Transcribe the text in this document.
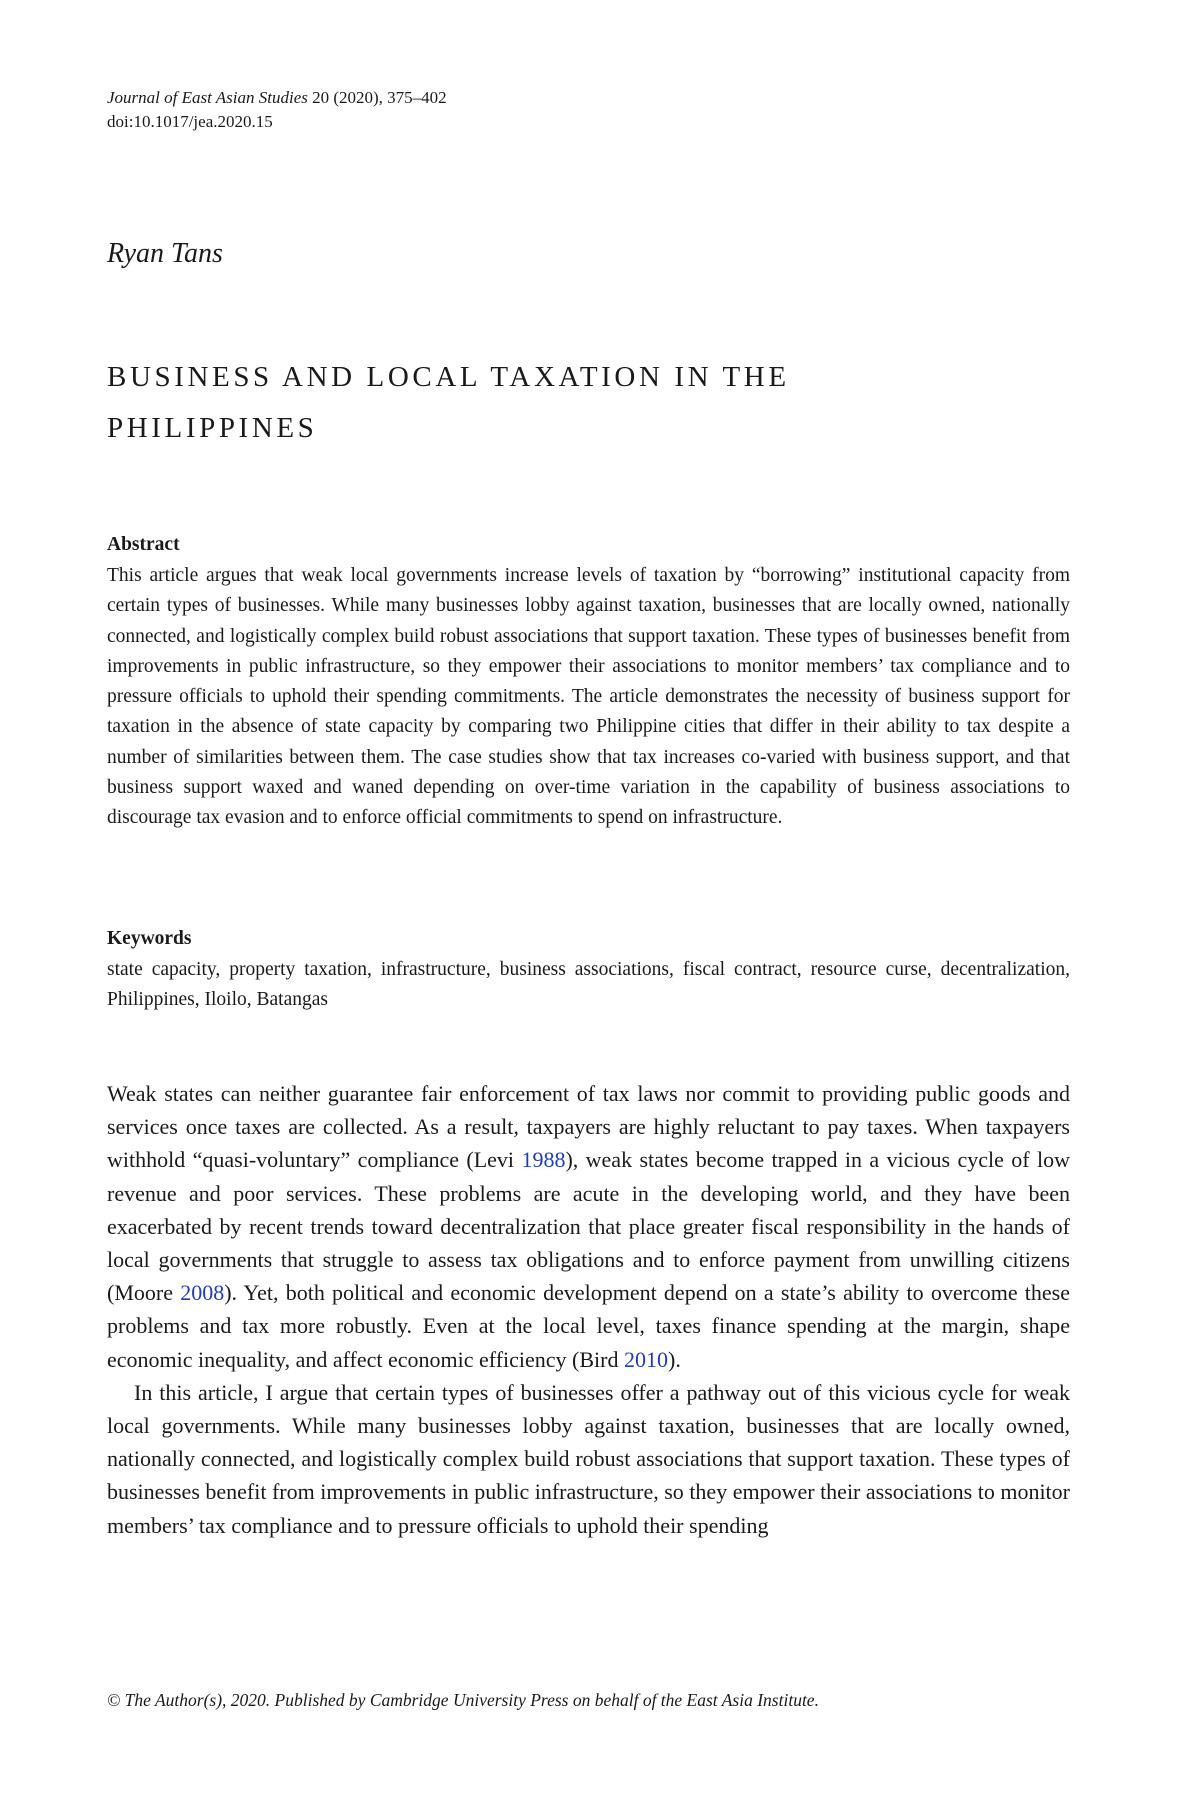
Journal of East Asian Studies 20 (2020), 375–402
doi:10.1017/jea.2020.15
Ryan Tans
BUSINESS AND LOCAL TAXATION IN THE PHILIPPINES
Abstract

This article argues that weak local governments increase levels of taxation by “borrowing” institutional capacity from certain types of businesses. While many businesses lobby against taxation, businesses that are locally owned, nationally connected, and logistically complex build robust associations that support taxation. These types of businesses benefit from improvements in public infrastructure, so they empower their associations to monitor members’ tax compliance and to pressure officials to uphold their spending commitments. The article demonstrates the necessity of business support for taxation in the absence of state capacity by comparing two Philippine cities that differ in their ability to tax despite a number of similarities between them. The case studies show that tax increases co-varied with business support, and that business support waxed and waned depending on over-time variation in the capability of business associations to discourage tax evasion and to enforce official commitments to spend on infrastructure.

Keywords

state capacity, property taxation, infrastructure, business associations, fiscal contract, resource curse, decentralization, Philippines, Iloilo, Batangas

Weak states can neither guarantee fair enforcement of tax laws nor commit to providing public goods and services once taxes are collected. As a result, taxpayers are highly reluctant to pay taxes. When taxpayers withhold “quasi-voluntary” compliance (Levi 1988), weak states become trapped in a vicious cycle of low revenue and poor services. These problems are acute in the developing world, and they have been exacerbated by recent trends toward decentralization that place greater fiscal responsibility in the hands of local governments that struggle to assess tax obligations and to enforce payment from unwilling citizens (Moore 2008). Yet, both political and economic development depend on a state’s ability to overcome these problems and tax more robustly. Even at the local level, taxes finance spending at the margin, shape economic inequality, and affect economic efficiency (Bird 2010).

In this article, I argue that certain types of businesses offer a pathway out of this vicious cycle for weak local governments. While many businesses lobby against taxation, businesses that are locally owned, nationally connected, and logistically complex build robust associations that support taxation. These types of businesses benefit from improvements in public infrastructure, so they empower their associations to monitor members’ tax compliance and to pressure officials to uphold their spending

© The Author(s), 2020. Published by Cambridge University Press on behalf of the East Asia Institute.
